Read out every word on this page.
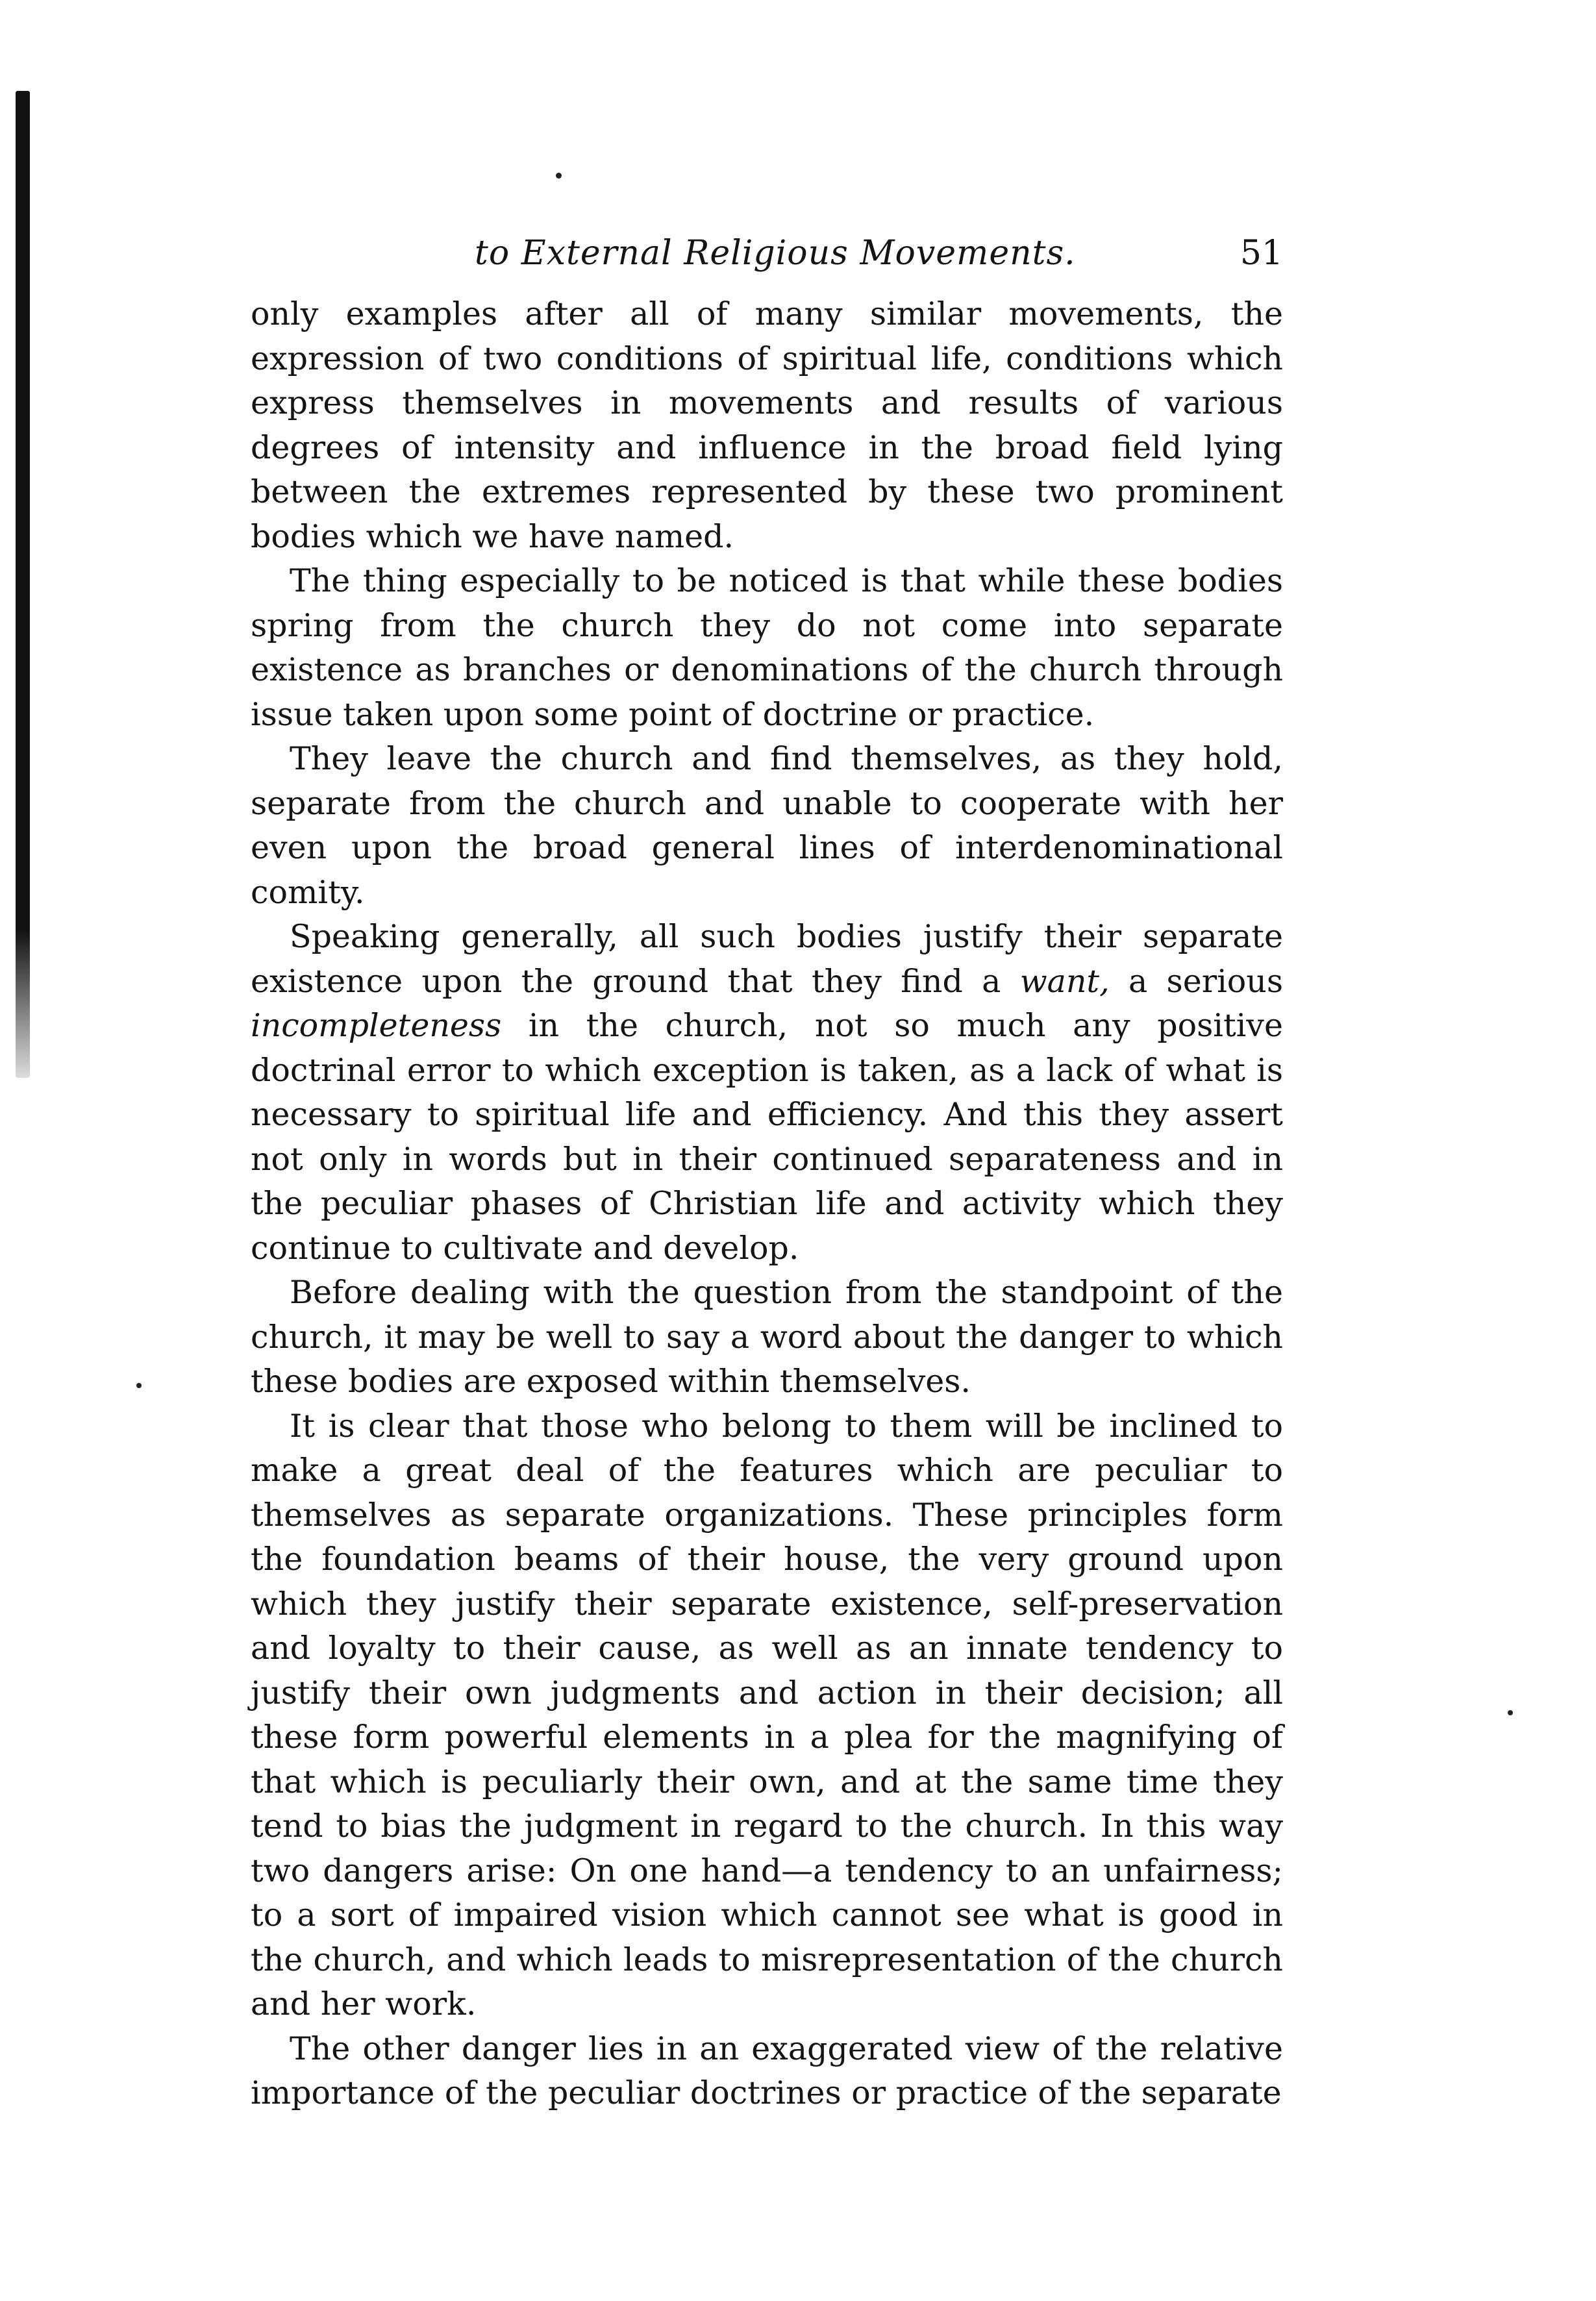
to External Religious Movements.	51

only examples after all of many similar movements, the expression of two conditions of spiritual life, conditions which express themselves in movements and results of various degrees of intensity and influence in the broad field lying between the extremes represented by these two prominent bodies which we have named.

The thing especially to be noticed is that while these bodies spring from the church they do not come into separate existence as branches or denominations of the church through issue taken upon some point of doctrine or practice.

They leave the church and find themselves, as they hold, separate from the church and unable to cooperate with her even upon the broad general lines of interdenominational comity.

Speaking generally, all such bodies justify their separate existence upon the ground that they find a want, a serious incompleteness in the church, not so much any positive doctrinal error to which exception is taken, as a lack of what is necessary to spiritual life and efficiency. And this they assert not only in words but in their continued separateness and in the peculiar phases of Christian life and activity which they continue to cultivate and develop.

Before dealing with the question from the standpoint of the church, it may be well to say a word about the danger to which these bodies are exposed within themselves.

It is clear that those who belong to them will be inclined to make a great deal of the features which are peculiar to themselves as separate organizations. These principles form the foundation beams of their house, the very ground upon which they justify their separate existence, self-preservation and loyalty to their cause, as well as an innate tendency to justify their own judgments and action in their decision; all these form powerful elements in a plea for the magnifying of that which is peculiarly their own, and at the same time they tend to bias the judgment in regard to the church. In this way two dangers arise: On one hand—a tendency to an unfairness; to a sort of impaired vision which cannot see what is good in the church, and which leads to misrepresentation of the church and her work.

The other danger lies in an exaggerated view of the relative importance of the peculiar doctrines or practice of the separate
